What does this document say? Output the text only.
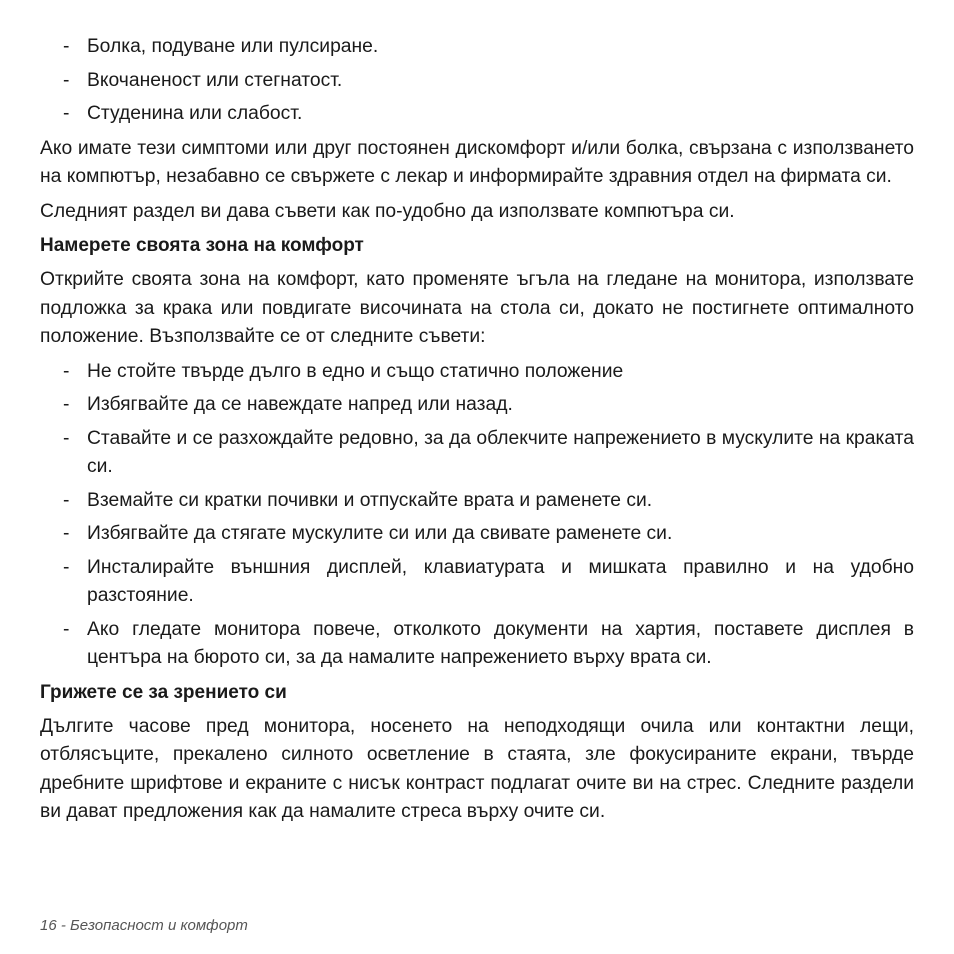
- Болка, подуване или пулсиране.
- Вкочаненост или стегнатост.
- Студенина или слабост.

Ако имате тези симптоми или друг постоянен дискомфорт и/или болка, свързана с използването на компютър, незабавно се свържете с лекар и информирайте здравния отдел на фирмата си.

Следният раздел ви дава съвети как по-удобно да използвате компютъра си.

Намерете своята зона на комфорт

Открийте своята зона на комфорт, като променяте ъгъла на гледане на монитора, използвате подложка за крака или повдигате височината на стола си, докато не постигнете оптималното положение. Възползвайте се от следните съвети:

- Не стойте твърде дълго в едно и също статично положение
- Избягвайте да се навеждате напред или назад.
- Ставайте и се разхождайте редовно, за да облекчите напрежението в мускулите на краката си.
- Вземайте си кратки почивки и отпускайте врата и раменете си.
- Избягвайте да стягате мускулите си или да свивате раменете си.
- Инсталирайте външния дисплей, клавиатурата и мишката правилно и на удобно разстояние.
- Ако гледате монитора повече, отколкото документи на хартия, поставете дисплея в центъра на бюрото си, за да намалите напрежението върху врата си.

Грижете се за зрението си

Дългите часове пред монитора, носенето на неподходящи очила или контактни лещи, отблясъците, прекалено силното осветление в стаята, зле фокусираните екрани, твърде дребните шрифтове и екраните с нисък контраст подлагат очите ви на стрес. Следните раздели ви дават предложения как да намалите стреса върху очите си.

16 - Безопасност и комфорт
